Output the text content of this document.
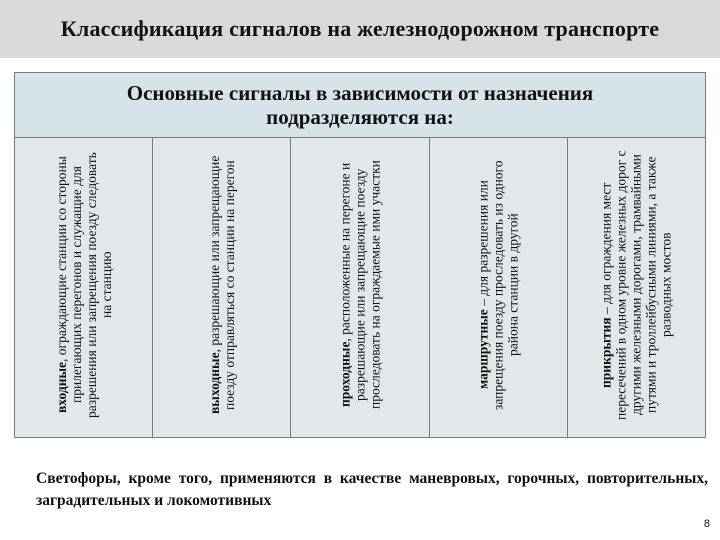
Классификация сигналов на железнодорожном транспорте
Основные сигналы в зависимости от назначения подразделяются на:
прикрытия – для ограждения мест пересечений в одном уровне железных дорог с другими железными дорогами, трамвайными путями и троллейбусными линиями, а также разводных мостов
маршрутные – для разрешения или запрещения поезду проследовать из одного района станции в другой
проходные, расположенные на перегоне и разрешающие или запрещающие поезду проследовать на ограждаемые ими участки
выходные, разрешающие или запрещающие поезду отправляться со станции на перегон
входные, ограждающие станции со стороны прилегающих перегонов и служащие для разрешения или запрещения поезду следовать на станцию
Светофоры, кроме того, применяются в качестве маневровых, горочных, повторительных, заградительных и локомотивных
8
